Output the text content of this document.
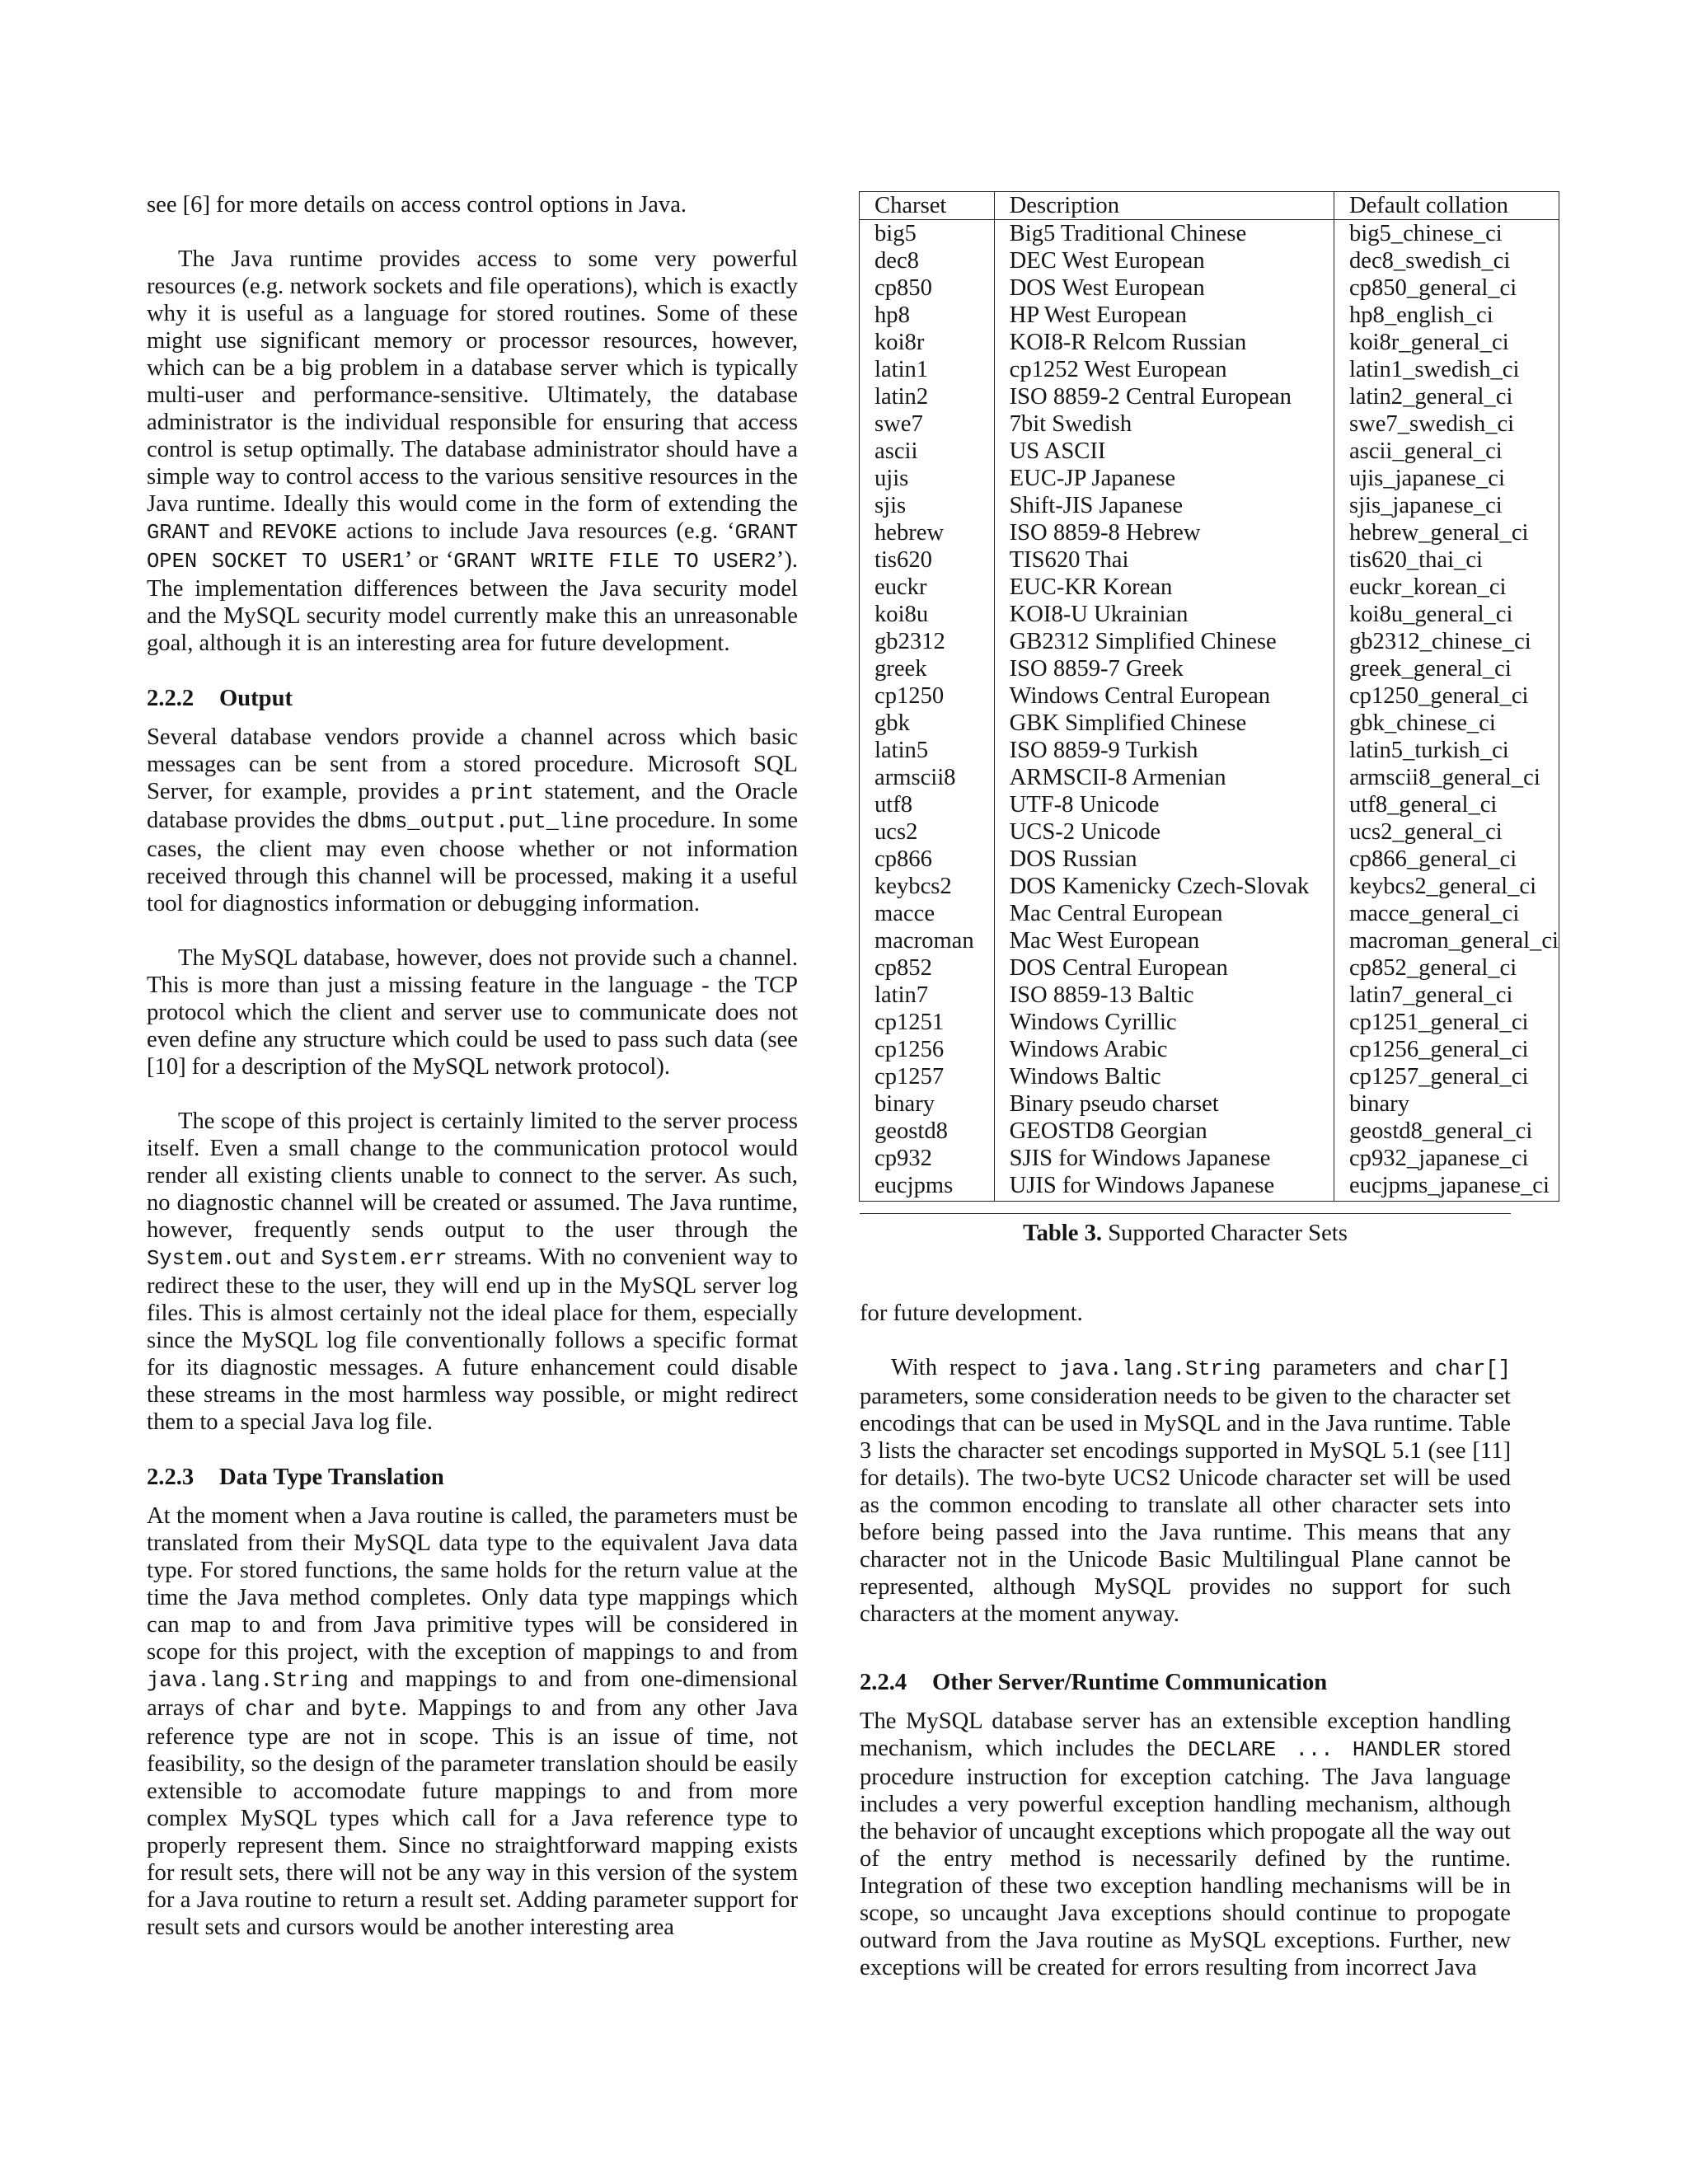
see [6] for more details on access control options in Java.

The Java runtime provides access to some very powerful resources (e.g. network sockets and file operations), which is exactly why it is useful as a language for stored routines. Some of these might use significant memory or processor resources, however, which can be a big problem in a database server which is typically multi-user and performance-sensitive. Ultimately, the database administrator is the individual responsible for ensuring that access control is setup optimally. The database administrator should have a simple way to control access to the various sensitive resources in the Java runtime. Ideally this would come in the form of extending the GRANT and REVOKE actions to include Java resources (e.g. ‘GRANT OPEN SOCKET TO USER1’ or ‘GRANT WRITE FILE TO USER2’). The implementation differences between the Java security model and the MySQL security model currently make this an unreasonable goal, although it is an interesting area for future development.

2.2.2 Output

Several database vendors provide a channel across which basic messages can be sent from a stored procedure. Microsoft SQL Server, for example, provides a print statement, and the Oracle database provides the dbms_output.put_line procedure. In some cases, the client may even choose whether or not information received through this channel will be processed, making it a useful tool for diagnostics information or debugging information.

The MySQL database, however, does not provide such a channel. This is more than just a missing feature in the language - the TCP protocol which the client and server use to communicate does not even define any structure which could be used to pass such data (see [10] for a description of the MySQL network protocol).

The scope of this project is certainly limited to the server process itself. Even a small change to the communication protocol would render all existing clients unable to connect to the server. As such, no diagnostic channel will be created or assumed. The Java runtime, however, frequently sends output to the user through the System.out and System.err streams. With no convenient way to redirect these to the user, they will end up in the MySQL server log files. This is almost certainly not the ideal place for them, especially since the MySQL log file conventionally follows a specific format for its diagnostic messages. A future enhancement could disable these streams in the most harmless way possible, or might redirect them to a special Java log file.

2.2.3 Data Type Translation

At the moment when a Java routine is called, the parameters must be translated from their MySQL data type to the equivalent Java data type. For stored functions, the same holds for the return value at the time the Java method completes. Only data type mappings which can map to and from Java primitive types will be considered in scope for this project, with the exception of mappings to and from java.lang.String and mappings to and from one-dimensional arrays of char and byte. Mappings to and from any other Java reference type are not in scope. This is an issue of time, not feasibility, so the design of the parameter translation should be easily extensible to accomodate future mappings to and from more complex MySQL types which call for a Java reference type to properly represent them. Since no straightforward mapping exists for result sets, there will not be any way in this version of the system for a Java routine to return a result set. Adding parameter support for result sets and cursors would be another interesting area

Charset	Description	Default collation
big5	Big5 Traditional Chinese	big5_chinese_ci
dec8	DEC West European	dec8_swedish_ci
cp850	DOS West European	cp850_general_ci
hp8	HP West European	hp8_english_ci
koi8r	KOI8-R Relcom Russian	koi8r_general_ci
latin1	cp1252 West European	latin1_swedish_ci
latin2	ISO 8859-2 Central European	latin2_general_ci
swe7	7bit Swedish	swe7_swedish_ci
ascii	US ASCII	ascii_general_ci
ujis	EUC-JP Japanese	ujis_japanese_ci
sjis	Shift-JIS Japanese	sjis_japanese_ci
hebrew	ISO 8859-8 Hebrew	hebrew_general_ci
tis620	TIS620 Thai	tis620_thai_ci
euckr	EUC-KR Korean	euckr_korean_ci
koi8u	KOI8-U Ukrainian	koi8u_general_ci
gb2312	GB2312 Simplified Chinese	gb2312_chinese_ci
greek	ISO 8859-7 Greek	greek_general_ci
cp1250	Windows Central European	cp1250_general_ci
gbk	GBK Simplified Chinese	gbk_chinese_ci
latin5	ISO 8859-9 Turkish	latin5_turkish_ci
armscii8	ARMSCII-8 Armenian	armscii8_general_ci
utf8	UTF-8 Unicode	utf8_general_ci
ucs2	UCS-2 Unicode	ucs2_general_ci
cp866	DOS Russian	cp866_general_ci
keybcs2	DOS Kamenicky Czech-Slovak	keybcs2_general_ci
macce	Mac Central European	macce_general_ci
macroman	Mac West European	macroman_general_ci
cp852	DOS Central European	cp852_general_ci
latin7	ISO 8859-13 Baltic	latin7_general_ci
cp1251	Windows Cyrillic	cp1251_general_ci
cp1256	Windows Arabic	cp1256_general_ci
cp1257	Windows Baltic	cp1257_general_ci
binary	Binary pseudo charset	binary
geostd8	GEOSTD8 Georgian	geostd8_general_ci
cp932	SJIS for Windows Japanese	cp932_japanese_ci
eucjpms	UJIS for Windows Japanese	eucjpms_japanese_ci
Table 3. Supported Character Sets

for future development.

With respect to java.lang.String parameters and char[] parameters, some consideration needs to be given to the character set encodings that can be used in MySQL and in the Java runtime. Table 3 lists the character set encodings supported in MySQL 5.1 (see [11] for details). The two-byte UCS2 Unicode character set will be used as the common encoding to translate all other character sets into before being passed into the Java runtime. This means that any character not in the Unicode Basic Multilingual Plane cannot be represented, although MySQL provides no support for such characters at the moment anyway.

2.2.4 Other Server/Runtime Communication

The MySQL database server has an extensible exception handling mechanism, which includes the DECLARE ... HANDLER stored procedure instruction for exception catching. The Java language includes a very powerful exception handling mechanism, although the behavior of uncaught exceptions which propogate all the way out of the entry method is necessarily defined by the runtime. Integration of these two exception handling mechanisms will be in scope, so uncaught Java exceptions should continue to propogate outward from the Java routine as MySQL exceptions. Further, new exceptions will be created for errors resulting from incorrect Java
